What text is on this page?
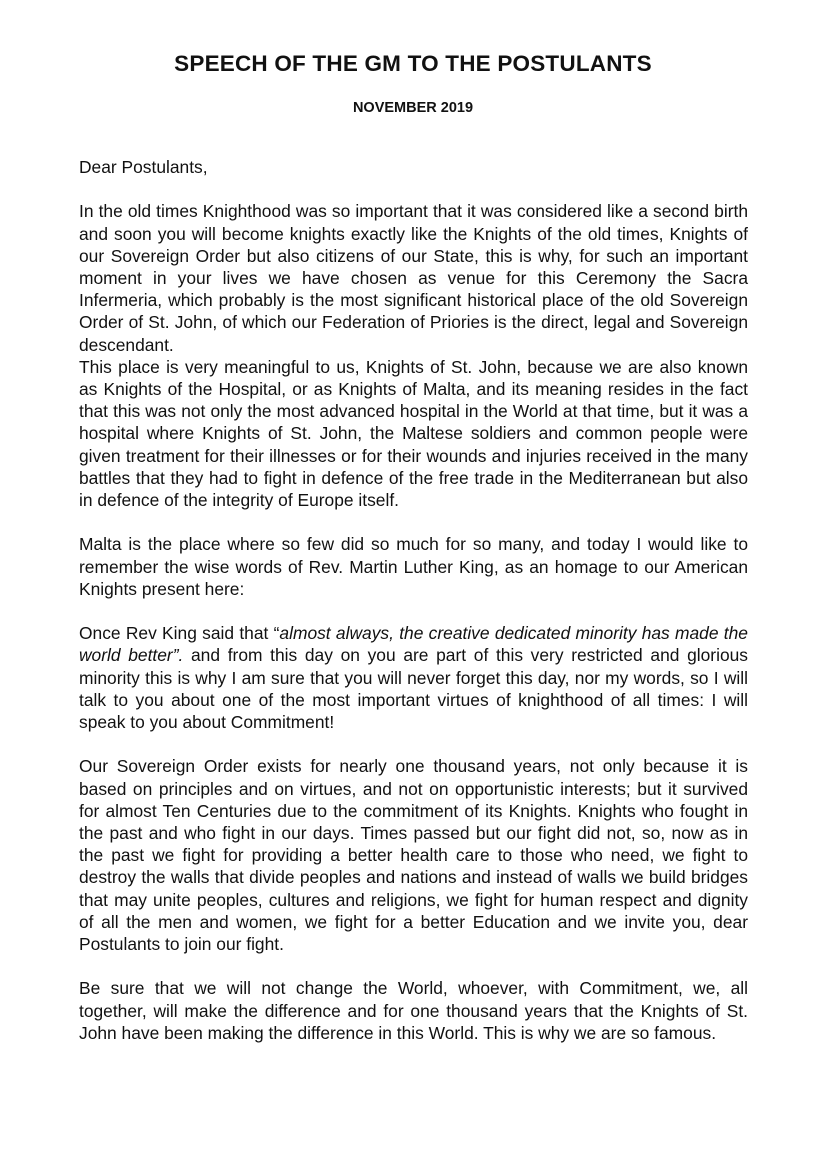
SPEECH OF THE GM TO THE POSTULANTS
NOVEMBER 2019

Dear Postulants,

In the old times Knighthood was so important that it was considered like a second birth and soon you will become knights exactly like the Knights of the old times, Knights of our Sovereign Order but also citizens of our State, this is why, for such an important moment in your lives we have chosen as venue for this Ceremony the Sacra Infermeria, which probably is the most significant historical place of the old Sovereign Order of St. John, of which our Federation of Priories is the direct, legal and Sovereign descendant.

This place is very meaningful to us, Knights of St. John, because we are also known as Knights of the Hospital, or as Knights of Malta, and its meaning resides in the fact that this was not only the most advanced hospital in the World at that time, but it was a hospital where Knights of St. John, the Maltese soldiers and common people were given treatment for their illnesses or for their wounds and injuries received in the many battles that they had to fight in defence of the free trade in the Mediterranean but also in defence of the integrity of Europe itself.

Malta is the place where so few did so much for so many, and today I would like to remember the wise words of Rev. Martin Luther King, as an homage to our American Knights present here:

Once Rev King said that “almost always, the creative dedicated minority has made the world better”. and from this day on you are part of this very restricted and glorious minority this is why I am sure that you will never forget this day, nor my words, so I will talk to you about one of the most important virtues of knighthood of all times: I will speak to you about Commitment!

Our Sovereign Order exists for nearly one thousand years, not only because it is based on principles and on virtues, and not on opportunistic interests; but it survived for almost Ten Centuries due to the commitment of its Knights. Knights who fought in the past and who fight in our days. Times passed but our fight did not, so, now as in the past we fight for providing a better health care to those who need, we fight to destroy the walls that divide peoples and nations and instead of walls we build bridges that may unite peoples, cultures and religions, we fight for human respect and dignity of all the men and women, we fight for a better Education and we invite you, dear Postulants to join our fight.

Be sure that we will not change the World, whoever, with Commitment, we, all together, will make the difference and for one thousand years that the Knights of St. John have been making the difference in this World. This is why we are so famous.
